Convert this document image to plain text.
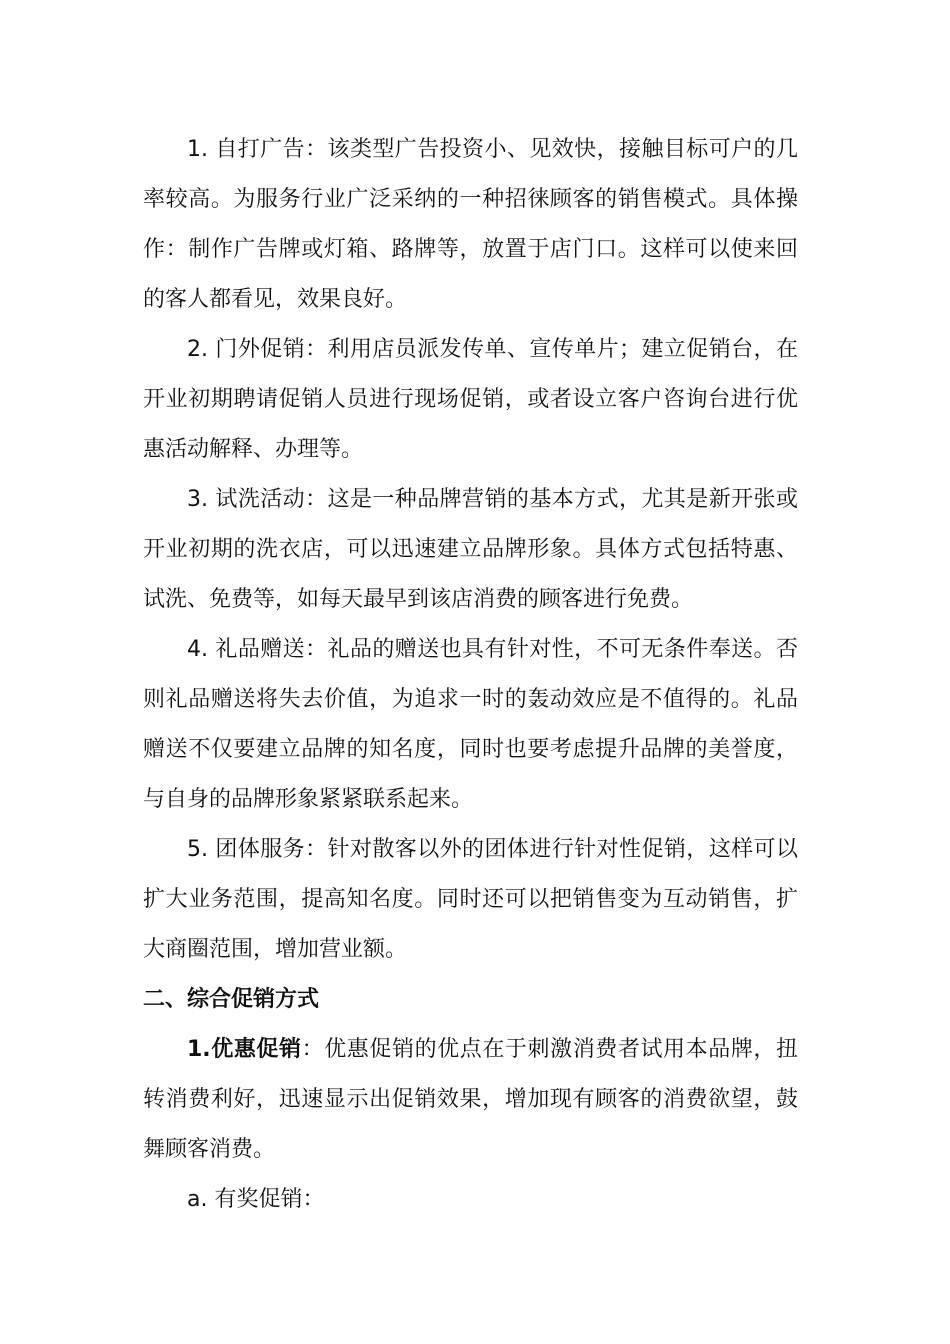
1. 自打广告：该类型广告投资小、见效快，接触目标可户的几率较高。为服务行业广泛采纳的一种招徕顾客的销售模式。具体操作：制作广告牌或灯箱、路牌等，放置于店门口。这样可以使来回的客人都看见，效果良好。

2. 门外促销：利用店员派发传单、宣传单片；建立促销台，在开业初期聘请促销人员进行现场促销，或者设立客户咨询台进行优惠活动解释、办理等。

3. 试洗活动：这是一种品牌营销的基本方式，尤其是新开张或开业初期的洗衣店，可以迅速建立品牌形象。具体方式包括特惠、试洗、免费等，如每天最早到该店消费的顾客进行免费。

4. 礼品赠送：礼品的赠送也具有针对性，不可无条件奉送。否则礼品赠送将失去价值，为追求一时的轰动效应是不值得的。礼品赠送不仅要建立品牌的知名度，同时也要考虑提升品牌的美誉度，与自身的品牌形象紧紧联系起来。

5. 团体服务：针对散客以外的团体进行针对性促销，这样可以扩大业务范围，提高知名度。同时还可以把销售变为互动销售，扩大商圈范围，增加营业额。

二、综合促销方式

1.优惠促销：优惠促销的优点在于刺激消费者试用本品牌，扭转消费利好，迅速显示出促销效果，增加现有顾客的消费欲望，鼓舞顾客消费。

a. 有奖促销：
